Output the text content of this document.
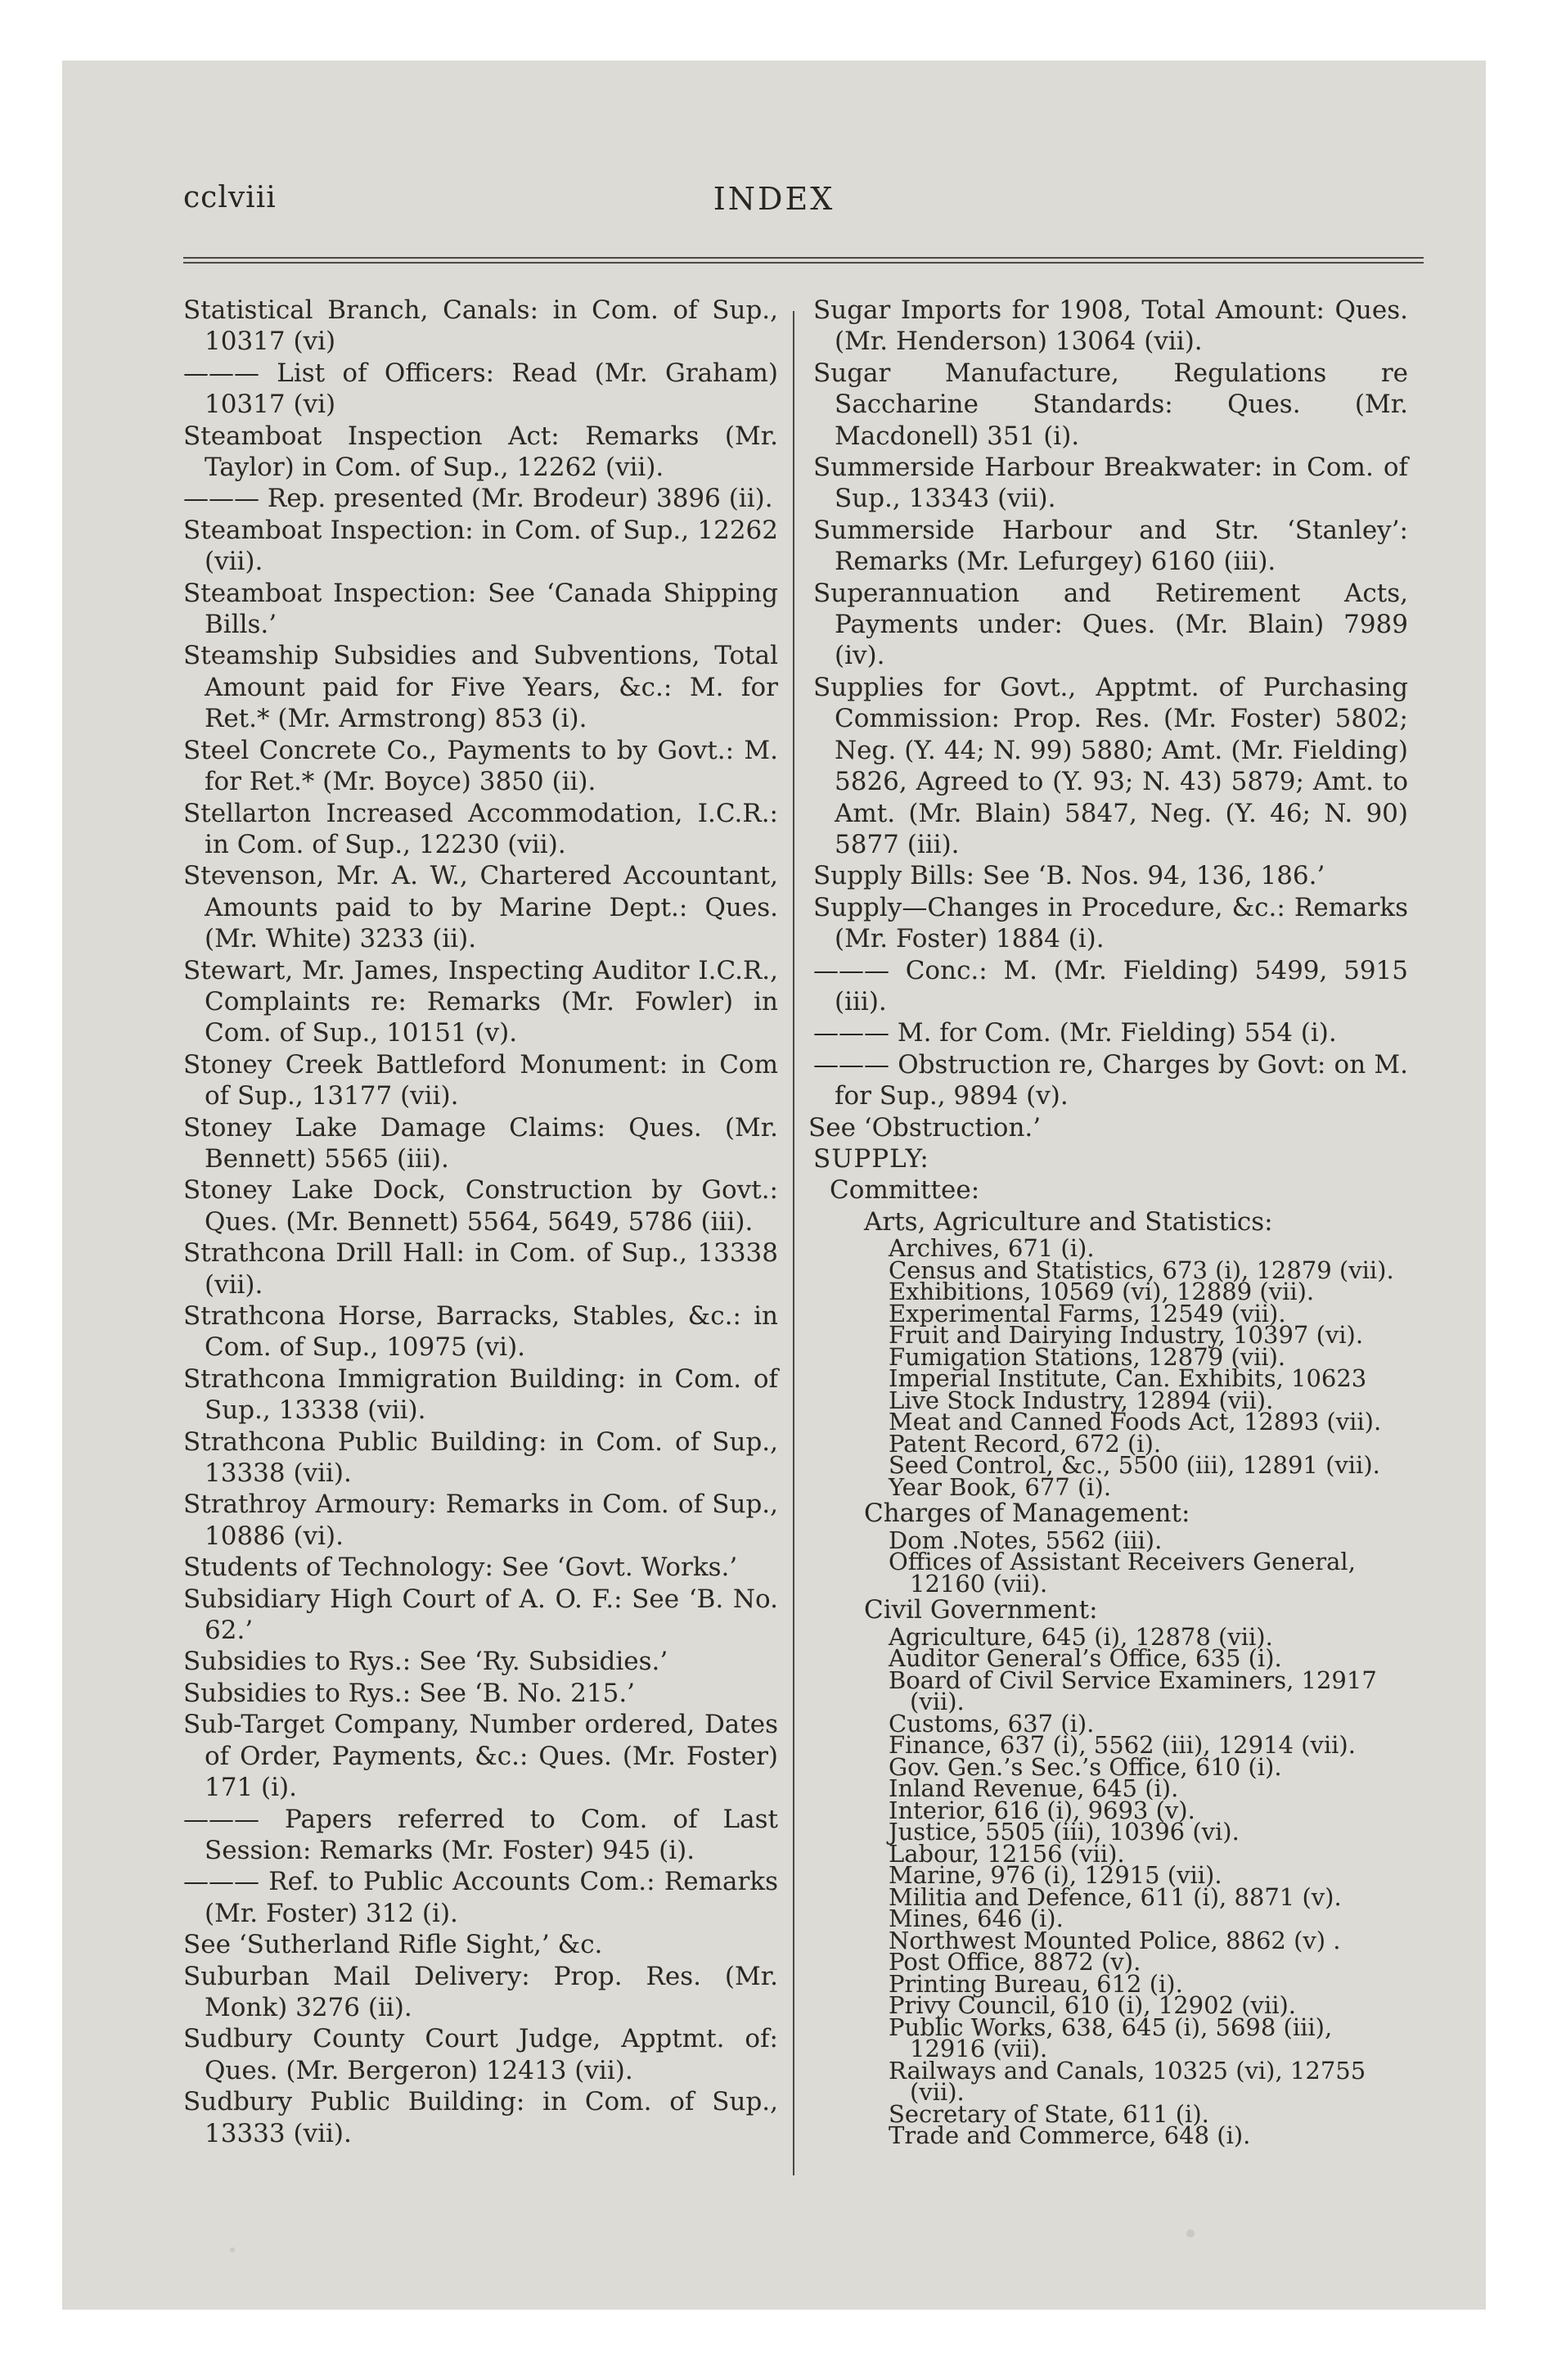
cclviii	INDEX
Statistical Branch, Canals: in Com. of Sup., 10317 (vi)
——— List of Officers: Read (Mr. Graham) 10317 (vi)
Steamboat Inspection Act: Remarks (Mr. Taylor) in Com. of Sup., 12262 (vii).
——— Rep. presented (Mr. Brodeur) 3896 (ii).
Steamboat Inspection: in Com. of Sup., 12262 (vii).
Steamboat Inspection: See ‘Canada Shipping Bills.’
Steamship Subsidies and Subventions, Total Amount paid for Five Years, &c.: M. for Ret.* (Mr. Armstrong) 853 (i).
Steel Concrete Co., Payments to by Govt.: M. for Ret.* (Mr. Boyce) 3850 (ii).
Stellarton Increased Accommodation, I.C.R.: in Com. of Sup., 12230 (vii).
Stevenson, Mr. A. W., Chartered Accountant, Amounts paid to by Marine Dept.: Ques. (Mr. White) 3233 (ii).
Stewart, Mr. James, Inspecting Auditor I.C.R., Complaints re: Remarks (Mr. Fowler) in Com. of Sup., 10151 (v).
Stoney Creek Battleford Monument: in Com of Sup., 13177 (vii).
Stoney Lake Damage Claims: Ques. (Mr. Bennett) 5565 (iii).
Stoney Lake Dock, Construction by Govt.: Ques. (Mr. Bennett) 5564, 5649, 5786 (iii).
Strathcona Drill Hall: in Com. of Sup., 13338 (vii).
Strathcona Horse, Barracks, Stables, &c.: in Com. of Sup., 10975 (vi).
Strathcona Immigration Building: in Com. of Sup., 13338 (vii).
Strathcona Public Building: in Com. of Sup., 13338 (vii).
Strathroy Armoury: Remarks in Com. of Sup., 10886 (vi).
Students of Technology: See ‘Govt. Works.’
Subsidiary High Court of A. O. F.: See ‘B. No. 62.’
Subsidies to Rys.: See ‘Ry. Subsidies.’
Subsidies to Rys.: See ‘B. No. 215.’
Sub-Target Company, Number ordered, Dates of Order, Payments, &c.: Ques. (Mr. Foster) 171 (i).
——— Papers referred to Com. of Last Session: Remarks (Mr. Foster) 945 (i).
——— Ref. to Public Accounts Com.: Remarks (Mr. Foster) 312 (i).
See ‘Sutherland Rifle Sight,’ &c.
Suburban Mail Delivery: Prop. Res. (Mr. Monk) 3276 (ii).
Sudbury County Court Judge, Apptmt. of: Ques. (Mr. Bergeron) 12413 (vii).
Sudbury Public Building: in Com. of Sup., 13333 (vii).
Sugar Imports for 1908, Total Amount: Ques. (Mr. Henderson) 13064 (vii).
Sugar Manufacture, Regulations re Saccharine Standards: Ques. (Mr. Macdonell) 351 (i).
Summerside Harbour Breakwater: in Com. of Sup., 13343 (vii).
Summerside Harbour and Str. ‘Stanley’: Remarks (Mr. Lefurgey) 6160 (iii).
Superannuation and Retirement Acts, Payments under: Ques. (Mr. Blain) 7989 (iv).
Supplies for Govt., Apptmt. of Purchasing Commission: Prop. Res. (Mr. Foster) 5802; Neg. (Y. 44; N. 99) 5880; Amt. (Mr. Fielding) 5826, Agreed to (Y. 93; N. 43) 5879; Amt. to Amt. (Mr. Blain) 5847, Neg. (Y. 46; N. 90) 5877 (iii).
Supply Bills: See ‘B. Nos. 94, 136, 186.’
Supply—Changes in Procedure, &c.: Remarks (Mr. Foster) 1884 (i).
——— Conc.: M. (Mr. Fielding) 5499, 5915 (iii).
——— M. for Com. (Mr. Fielding) 554 (i).
——— Obstruction re, Charges by Govt: on M. for Sup., 9894 (v).
See ‘Obstruction.’
SUPPLY:
Committee:
Arts, Agriculture and Statistics:
Archives, 671 (i).
Census and Statistics, 673 (i), 12879 (vii).
Exhibitions, 10569 (vi), 12889 (vii).
Experimental Farms, 12549 (vii).
Fruit and Dairying Industry, 10397 (vi).
Fumigation Stations, 12879 (vii).
Imperial Institute, Can. Exhibits, 10623
Live Stock Industry, 12894 (vii).
Meat and Canned Foods Act, 12893 (vii).
Patent Record, 672 (i).
Seed Control, &c., 5500 (iii), 12891 (vii).
Year Book, 677 (i).
Charges of Management:
Dom .Notes, 5562 (iii).
Offices of Assistant Receivers General, 12160 (vii).
Civil Government:
Agriculture, 645 (i), 12878 (vii).
Auditor General’s Office, 635 (i).
Board of Civil Service Examiners, 12917 (vii).
Customs, 637 (i).
Finance, 637 (i), 5562 (iii), 12914 (vii).
Gov. Gen.’s Sec.’s Office, 610 (i).
Inland Revenue, 645 (i).
Interior, 616 (i), 9693 (v).
Justice, 5505 (iii), 10396 (vi).
Labour, 12156 (vii).
Marine, 976 (i), 12915 (vii).
Militia and Defence, 611 (i), 8871 (v).
Mines, 646 (i).
Northwest Mounted Police, 8862 (v) .
Post Office, 8872 (v).
Printing Bureau, 612 (i).
Privy Council, 610 (i), 12902 (vii).
Public Works, 638, 645 (i), 5698 (iii), 12916 (vii).
Railways and Canals, 10325 (vi), 12755 (vii).
Secretary of State, 611 (i).
Trade and Commerce, 648 (i).
